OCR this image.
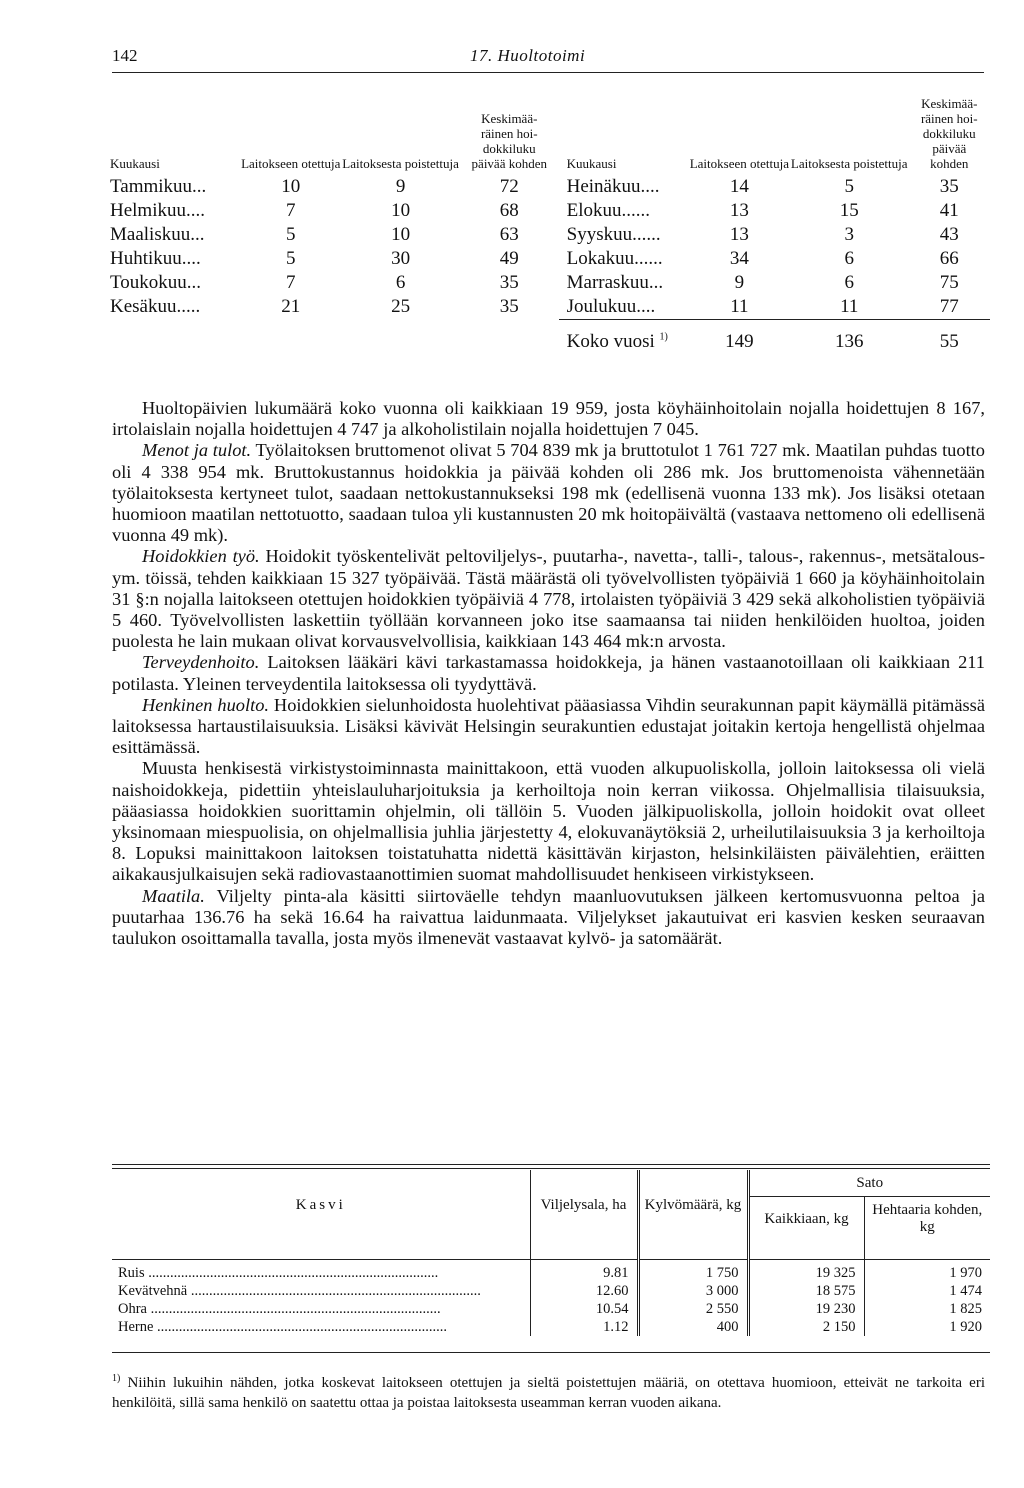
142	17. Huoltotoimi
Kuukausi	Laitokseen otettuja	Laitoksesta poistettuja	Keskimää- räinen hoi- dokkiluku päivää kohden	Kuukausi	Laitokseen otettuja	Laitoksesta poistettuja	Keskimää- räinen hoi- dokkiluku päivää kohden
Tammikuu...	10	9	72	Heinäkuu....	14	5	35
Helmikuu....	7	10	68	Elokuu......	13	15	41
Maaliskuu...	5	10	63	Syyskuu......	13	3	43
Huhtikuu....	5	30	49	Lokakuu......	34	6	66
Toukokuu...	7	6	35	Marraskuu...	9	6	75
Kesäkuu.....	21	25	35	Joulukuu....	11	11	77
				Koko vuosi $^{1)}$	149	136	55

Huoltopäivien lukumäärä koko vuonna oli kaikkiaan 19 959, josta köyhäinhoitolain nojalla hoidettujen 8 167, irtolaislain nojalla hoidettujen 4 747 ja alkoholistilain nojalla hoidettujen 7 045.

Menot ja tulot. Työlaitoksen bruttomenot olivat 5 704 839 mk ja bruttotulot 1 761 727 mk. Maatilan puhdas tuotto oli 4 338 954 mk. Bruttokustannus hoidokkia ja päivää kohden oli 286 mk. Jos bruttomenoista vähennetään työlaitoksesta kertyneet tulot, saadaan nettokustannukseksi 198 mk (edellisenä vuonna 133 mk). Jos lisäksi otetaan huomioon maatilan nettotuotto, saadaan tuloa yli kustannusten 20 mk hoitopäivältä (vastaava nettomeno oli edellisenä vuonna 49 mk).

Hoidokkien työ. Hoidokit työskentelivät peltoviljelys-, puutarha-, navetta-, talli-, talous-, rakennus-, metsätalous- ym. töissä, tehden kaikkiaan 15 327 työpäivää. Tästä määrästä oli työvelvollisten työpäiviä 1 660 ja köyhäinhoitolain 31 §:n nojalla laitokseen otettujen hoidokkien työpäiviä 4 778, irtolaisten työpäiviä 3 429 sekä alkoholistien työpäiviä 5 460. Työvelvollisten laskettiin työllään korvanneen joko itse saamaansa tai niiden henkilöiden huoltoa, joiden puolesta he lain mukaan olivat korvausvelvollisia, kaikkiaan 143 464 mk:n arvosta.

Terveydenhoito. Laitoksen lääkäri kävi tarkastamassa hoidokkeja, ja hänen vastaanotoillaan oli kaikkiaan 211 potilasta. Yleinen terveydentila laitoksessa oli tyydyttävä.

Henkinen huolto. Hoidokkien sielunhoidosta huolehtivat pääasiassa Vihdin seurakunnan papit käymällä pitämässä laitoksessa hartaustilaisuuksia. Lisäksi kävivät Helsingin seurakuntien edustajat joitakin kertoja hengellistä ohjelmaa esittämässä.

Muusta henkisestä virkistystoiminnasta mainittakoon, että vuoden alkupuoliskolla, jolloin laitoksessa oli vielä naishoidokkeja, pidettiin yhteislauluharjoituksia ja kerhoiltoja noin kerran viikossa. Ohjelmallisia tilaisuuksia, pääasiassa hoidokkien suorittamin ohjelmin, oli tällöin 5. Vuoden jälkipuoliskolla, jolloin hoidokit ovat olleet yksinomaan miespuolisia, on ohjelmallisia juhlia järjestetty 4, elokuvanäytöksiä 2, urheilutilaisuuksia 3 ja kerhoiltoja 8. Lopuksi mainittakoon laitoksen toistatuhatta nidettä käsittävän kirjaston, helsinkiläisten päivälehtien, eräitten aikakausjulkaisujen sekä radiovastaanottimien suomat mahdollisuudet henkiseen virkistykseen.

Maatila. Viljelty pinta-ala käsitti siirtoväelle tehdyn maanluovutuksen jälkeen kertomusvuonna peltoa ja puutarhaa 136.76 ha sekä 16.64 ha raivattua laidunmaata. Viljelykset jakautuivat eri kasvien kesken seuraavan taulukon osoittamalla tavalla, josta myös ilmenevät vastaavat kylvö- ja satomäärät.

Kasvi	Viljelysala, ha	Kylvömäärä, kg	Sato	
			Kaikkiaan, kg	Hehtaaria kohden, kg

Ruis ................................................................................	9.81	1 750	19 325	1 970
Kevätvehnä ................................................................................	12.60	3 000	18 575	1 474
Ohra ................................................................................	10.54	2 550	19 230	1 825
Herne ................................................................................	1.12	400	2 150	1 920
$^{1)}$ Niihin lukuihin nähden, jotka koskevat laitokseen otettujen ja sieltä poistettujen määriä, on otettava huomioon, etteivät ne tarkoita eri henkilöitä, sillä sama henkilö on saatettu ottaa ja poistaa laitoksesta useamman kerran vuoden aikana.
